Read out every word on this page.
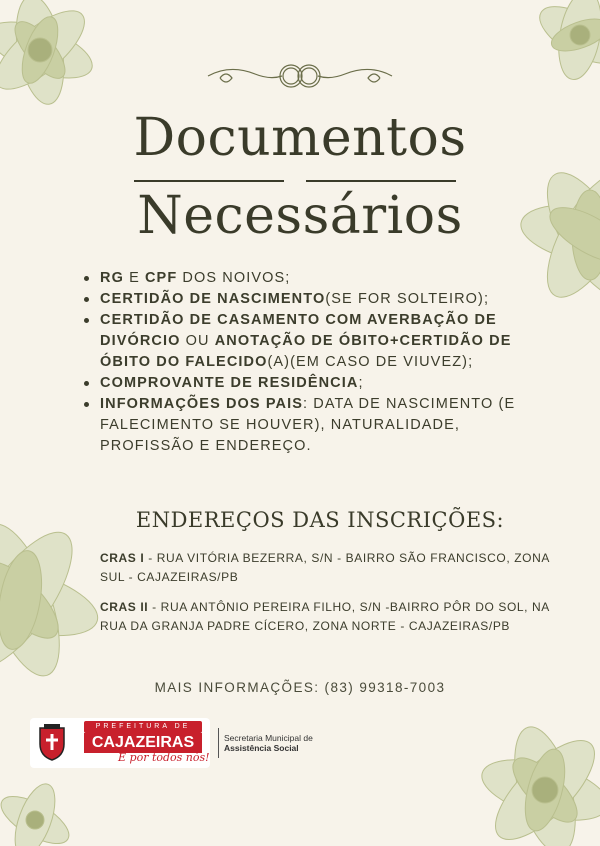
Documentos
Necessários
RG E CPF DOS NOIVOS;
CERTIDÃO DE NASCIMENTO(SE FOR SOLTEIRO);
CERTIDÃO DE CASAMENTO COM AVERBAÇÃO DE DIVÓRCIO OU ANOTAÇÃO DE ÓBITO+CERTIDÃO DE ÓBITO DO FALECIDO(A)(EM CASO DE VIUVEZ);
COMPROVANTE DE RESIDÊNCIA;
INFORMAÇÕES DOS PAIS: DATA DE NASCIMENTO (E FALECIMENTO SE HOUVER), NATURALIDADE, PROFISSÃO E ENDEREÇO.
ENDEREÇOS DAS INSCRIÇÕES:
CRAS I - RUA VITÓRIA BEZERRA, S/N - BAIRRO SÃO FRANCISCO, ZONA SUL - CAJAZEIRAS/PB
CRAS II - RUA ANTÔNIO PEREIRA FILHO, S/N -BAIRRO PÔR DO SOL, NA RUA DA GRANJA PADRE CÍCERO, ZONA NORTE - CAJAZEIRAS/PB
MAIS INFORMAÇÕES: (83) 99318-7003
PREFEITURA DE
CAJAZEIRAS
É por todos nós!
Secretaria Municipal de
Assistência Social
